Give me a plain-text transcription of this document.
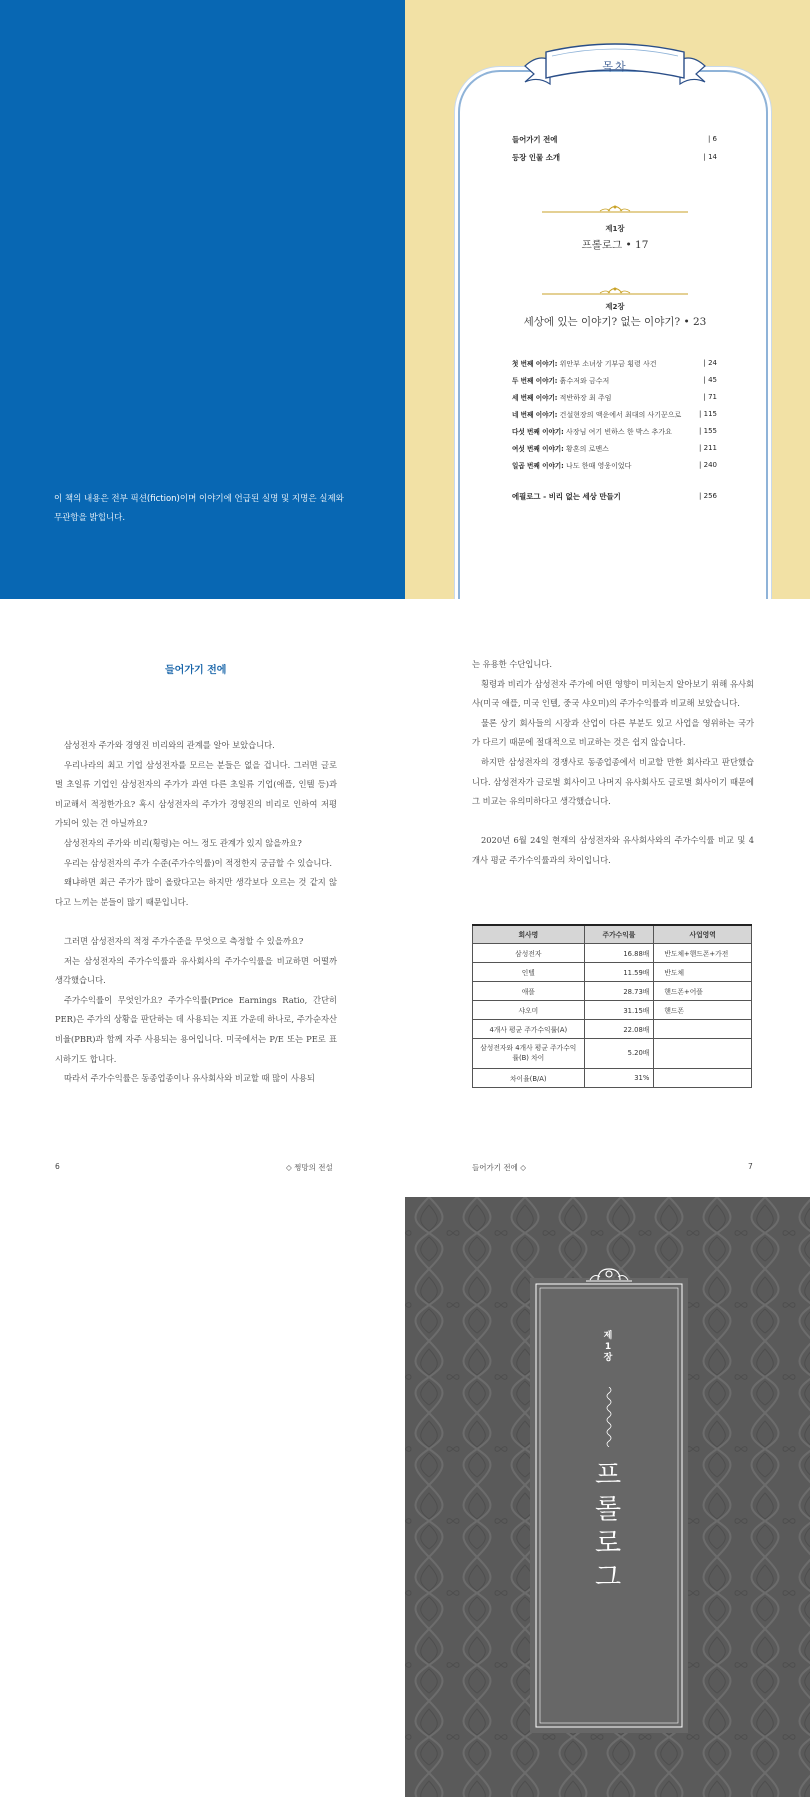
이 책의 내용은 전부 픽션(fiction)이며 이야기에 언급된 실명 및 지명은 실제와 무관함을 밝힙니다.

목차
들어가기 전에	| 6
등장 인물 소개	| 14
제1장
프롤로그 • 17
제2장
세상에 있는 이야기? 없는 이야기? • 23
첫 번째 이야기: 위안부 소녀상 기부금 횡령 사건	| 24
두 번째 이야기: 흙수저와 금수저	| 45
세 번째 이야기: 적반하장 최 주임	| 71
네 번째 이야기: 건설현장의 액운에서 최대의 사기꾼으로	| 115
다섯 번째 이야기: 사장님 여기 빈하스 한 박스 추가요	| 155
여섯 번째 이야기: 황혼의 로맨스	| 211
일곱 번째 이야기: 나도 한때 영웅이었다	| 240
에필로그 - 비리 없는 세상 만들기	| 256
들어가기 전에

삼성전자 주가와 경영진 비리와의 관계를 알아 보았습니다.

우리나라의 최고 기업 삼성전자를 모르는 분들은 없을 겁니다. 그러면 글로벌 초일류 기업인 삼성전자의 주가가 과연 다른 초일류 기업(애플, 인텔 등)과 비교해서 적정한가요? 혹시 삼성전자의 주가가 경영진의 비리로 인하여 저평가되어 있는 건 아닐까요?

삼성전자의 주가와 비리(횡령)는 어느 정도 관계가 있지 않을까요?

우리는 삼성전자의 주가 수준(주가수익률)이 적정한지 궁금할 수 있습니다.

왜냐하면 최근 주가가 많이 올랐다고는 하지만 생각보다 오르는 것 같지 않다고 느끼는 분들이 많기 때문입니다.

그러면 삼성전자의 적정 주가수준을 무엇으로 측정할 수 있을까요?

저는 삼성전자의 주가수익률과 유사회사의 주가수익률을 비교하면 어떨까 생각했습니다.

주가수익률이 무엇인가요? 주가수익률(Price Earnings Ratio, 간단히 PER)은 주가의 상황을 판단하는 데 사용되는 지표 가운데 하나로, 주가순자산비율(PBR)과 함께 자주 사용되는 용어입니다. 미국에서는 P/E 또는 PE로 표시하기도 합니다.

따라서 주가수익률은 동종업종이나 유사회사와 비교할 때 많이 사용되

는 유용한 수단입니다.

횡령과 비리가 삼성전자 주가에 어떤 영향이 미치는지 알아보기 위해 유사회사(미국 애플, 미국 인텔, 중국 샤오미)의 주가수익률과 비교해 보았습니다.

물론 상기 회사들의 시장과 산업이 다른 부분도 있고 사업을 영위하는 국가가 다르기 때문에 절대적으로 비교하는 것은 쉽지 않습니다.

하지만 삼성전자의 경쟁사로 동종업종에서 비교할 만한 회사라고 판단했습니다. 삼성전자가 글로벌 회사이고 나머지 유사회사도 글로벌 회사이기 때문에 그 비교는 유의미하다고 생각했습니다.

2020년 6월 24일 현재의 삼성전자와 유사회사와의 주가수익률 비교 및 4개사 평균 주가수익률과의 차이입니다.

회사명	주가수익률	사업영역
삼성전자	16.88배	반도체+핸드폰+가전
인텔	11.59배	반도체
애플	28.73배	핸드폰+어플
샤오미	31.15배	핸드폰
4개사 평균 주가수익률(A)	22.08배	
삼성전자와 4개사 평균 주가수익률(B) 차이	5.20배	
차이율(B/A)	31%	
6	◇ 쩡망의 전설	들어가기 전에 ◇	7
제
1
장
프
롤
로
그
